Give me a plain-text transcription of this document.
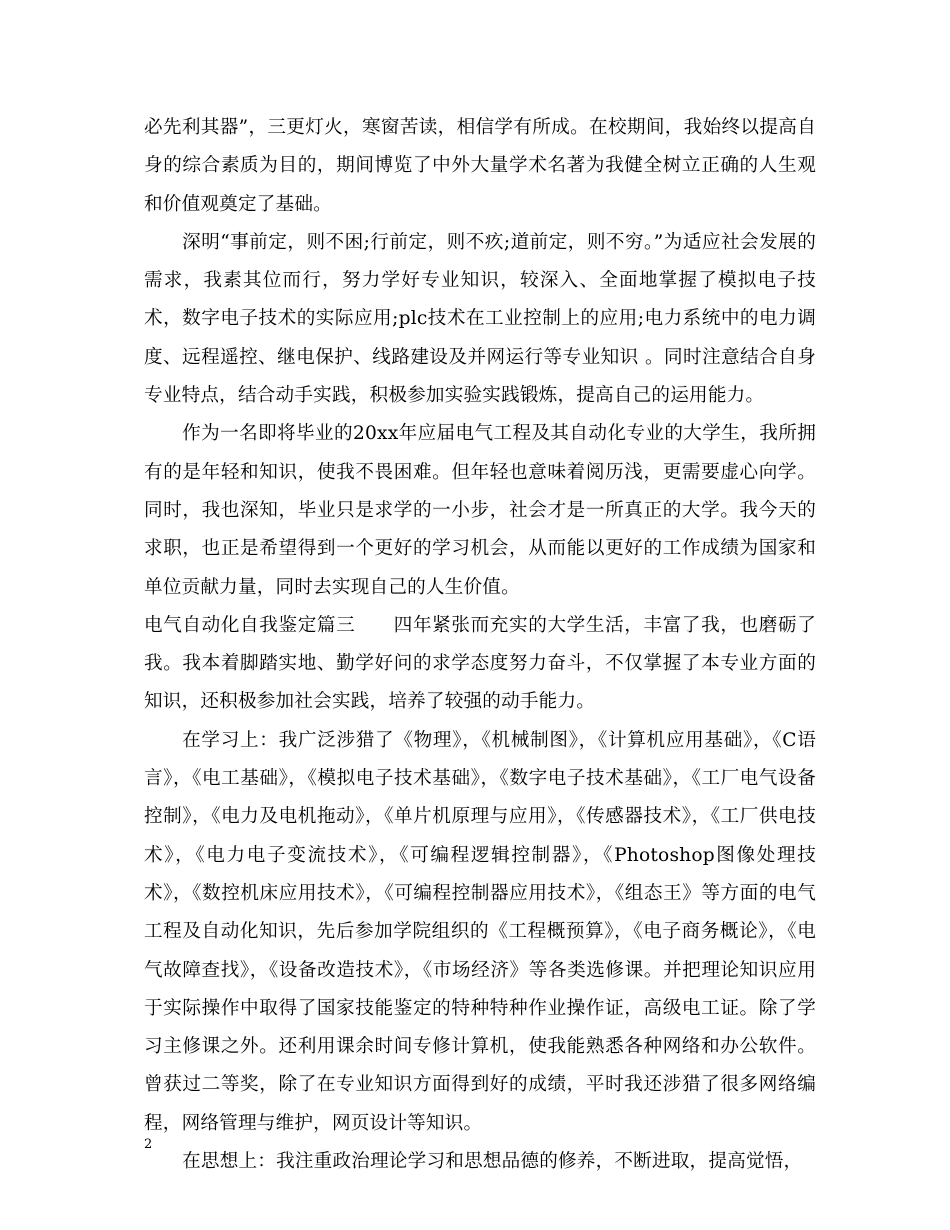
必先利其器”，三更灯火，寒窗苦读，相信学有所成。在校期间，我始终以提高自身的综合素质为目的，期间博览了中外大量学术名著为我健全树立正确的人生观和价值观奠定了基础。

深明“事前定，则不困;行前定，则不疚;道前定，则不穷。”为适应社会发展的需求，我素其位而行，努力学好专业知识，较深入、全面地掌握了模拟电子技术，数字电子技术的实际应用;plc技术在工业控制上的应用;电力系统中的电力调度、远程遥控、继电保护、线路建设及并网运行等专业知识 。同时注意结合自身专业特点，结合动手实践，积极参加实验实践锻炼，提高自己的运用能力。

作为一名即将毕业的20xx年应届电气工程及其自动化专业的大学生，我所拥有的是年轻和知识，使我不畏困难。但年轻也意味着阅历浅，更需要虚心向学。同时，我也深知，毕业只是求学的一小步，社会才是一所真正的大学。我今天的求职，也正是希望得到一个更好的学习机会，从而能以更好的工作成绩为国家和单位贡献力量，同时去实现自己的人生价值。

电气自动化自我鉴定篇三　　四年紧张而充实的大学生活，丰富了我，也磨砺了我。我本着脚踏实地、勤学好问的求学态度努力奋斗，不仅掌握了本专业方面的知识，还积极参加社会实践，培养了较强的动手能力。

在学习上：我广泛涉猎了《物理》，《机械制图》，《计算机应用基础》，《C语言》，《电工基础》，《模拟电子技术基础》，《数字电子技术基础》，《工厂电气设备控制》，《电力及电机拖动》，《单片机原理与应用》，《传感器技术》，《工厂供电技术》，《电力电子变流技术》，《可编程逻辑控制器》，《Photoshop图像处理技术》，《数控机床应用技术》，《可编程控制器应用技术》，《组态王》等方面的电气工程及自动化知识，先后参加学院组织的《工程概预算》，《电子商务概论》，《电气故障查找》，《设备改造技术》，《市场经济》等各类选修课。并把理论知识应用于实际操作中取得了国家技能鉴定的特种特种作业操作证，高级电工证。除了学习主修课之外。还利用课余时间专修计算机，使我能熟悉各种网络和办公软件。曾获过二等奖，除了在专业知识方面得到好的成绩，平时我还涉猎了很多网络编程，网络管理与维护，网页设计等知识。

在思想上：我注重政治理论学习和思想品德的修养，不断进取，提高觉悟，

2
